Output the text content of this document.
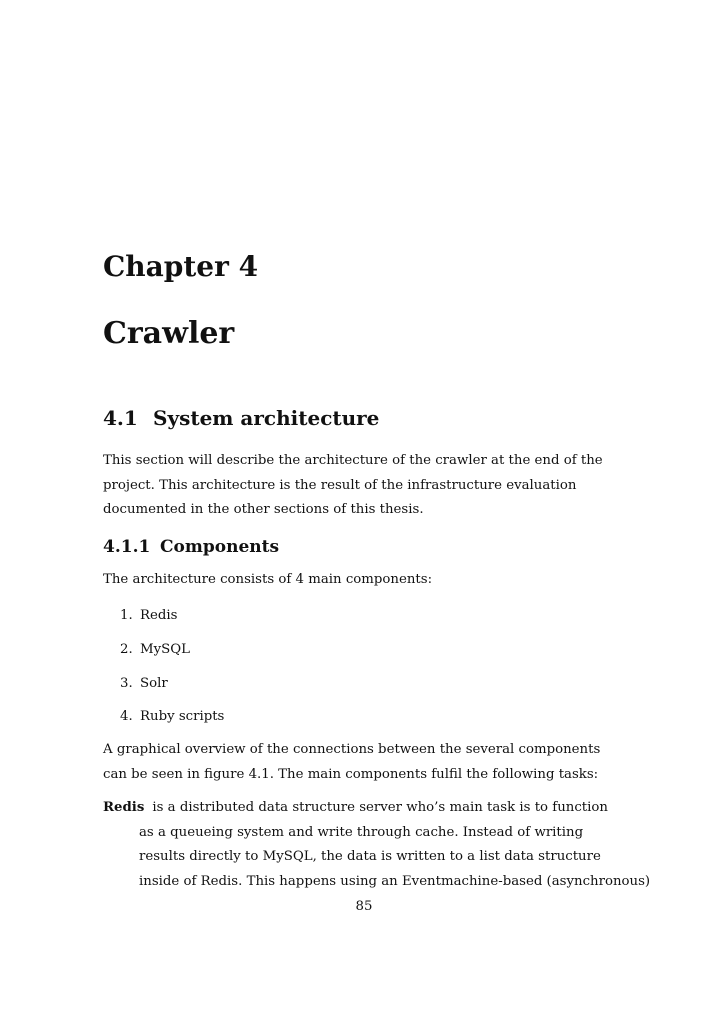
Chapter 4
Crawler
4.1 System architecture
This section will describe the architecture of the crawler at the end of the
project. This architecture is the result of the infrastructure evaluation
documented in the other sections of this thesis.
4.1.1 Components
The architecture consists of 4 main components:
1. Redis
2. MySQL
3. Solr
4. Ruby scripts
A graphical overview of the connections between the several components
can be seen in figure 4.1. The main components fulfil the following tasks:
Redis is a distributed data structure server who’s main task is to function
as a queueing system and write through cache. Instead of writing
results directly to MySQL, the data is written to a list data structure
inside of Redis. This happens using an Eventmachine-based (asynchronous)
85
